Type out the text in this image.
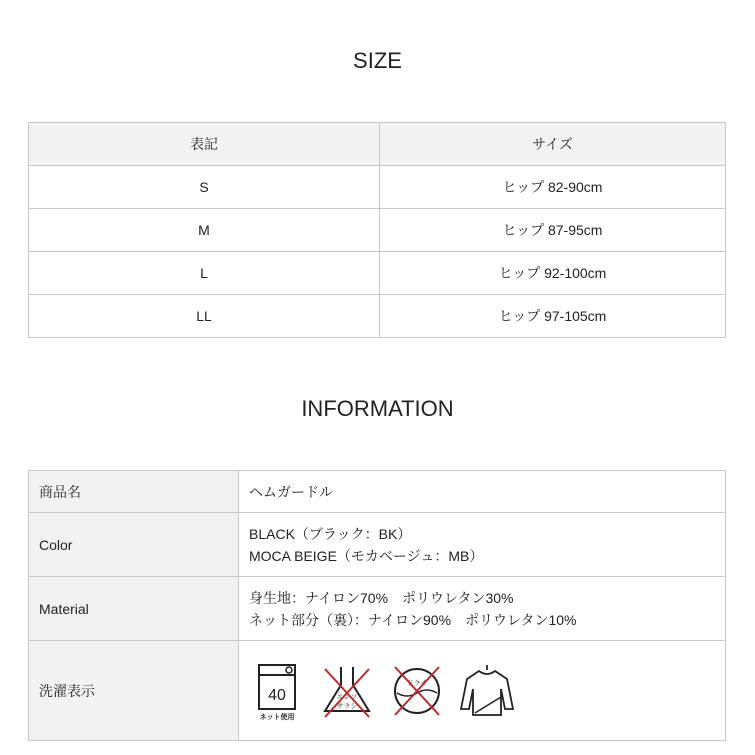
SIZE
表記	サイズ
S	ヒップ 82-90cm
M	ヒップ 87-95cm
L	ヒップ 92-100cm
LL	ヒップ 97-105cm
INFORMATION
商品名	ヘムガードル
Color	BLACK（ブラック：BK）
MOCA BEIGE（モカベージュ：MB）

Material	身生地：ナイロン70%　ポリウレタン30%
ネット部分（裏）：ナイロン90%　ポリウレタン10%

洗濯表示	40
ネット使用
エンソ
サラシ
ドライ
